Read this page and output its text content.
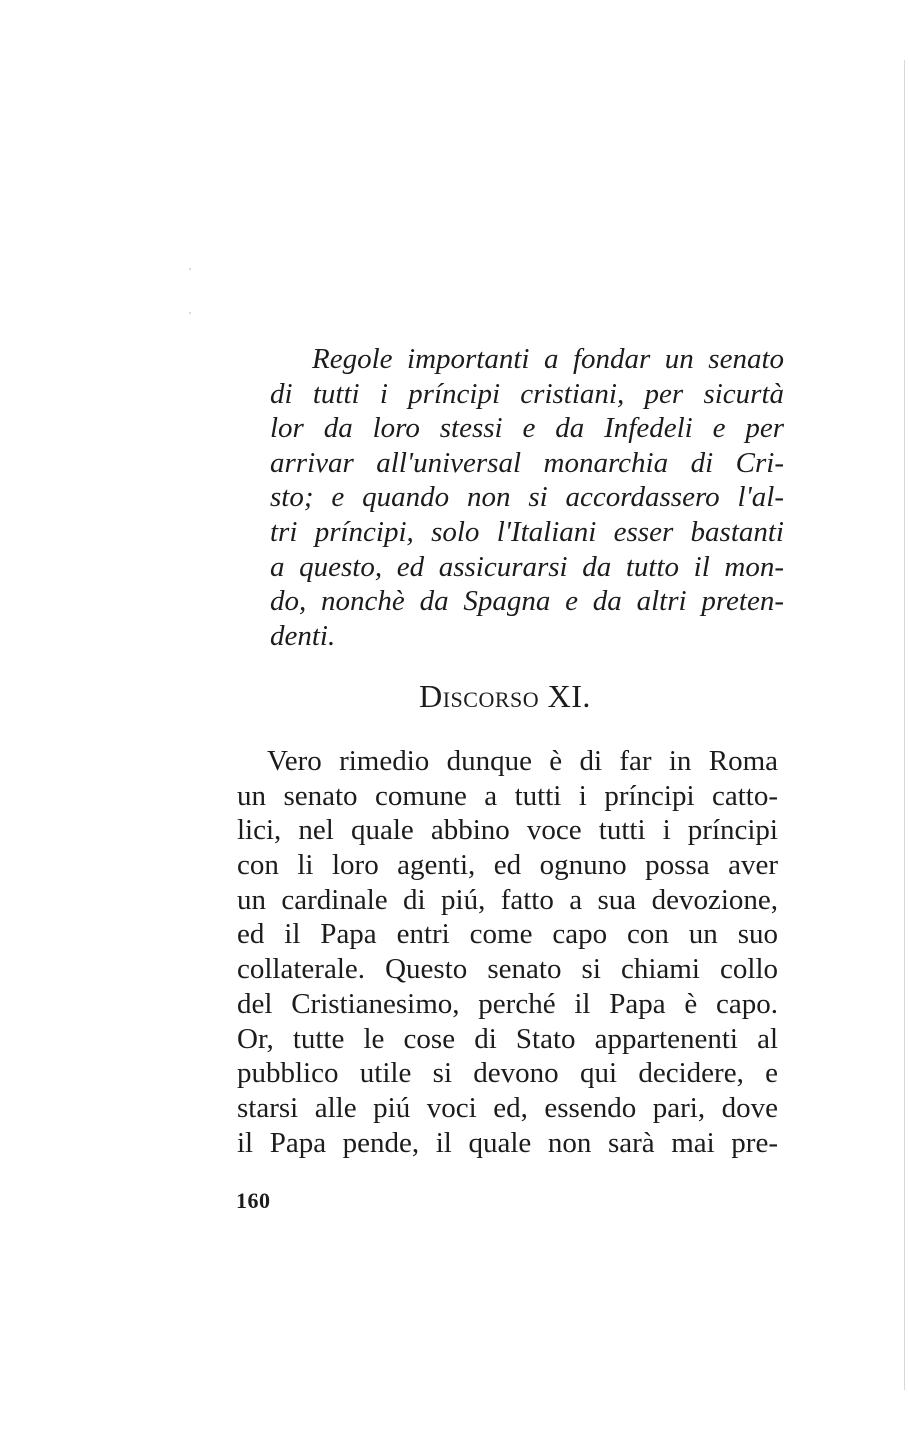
Regole importanti a fondar un senato
di tutti i príncipi cristiani, per sicurtà
lor da loro stessi e da Infedeli e per
arrivar all'universal monarchia di Cri-
sto; e quando non si accordassero l'al-
tri príncipi, solo l'Italiani esser bastanti
a questo, ed assicurarsi da tutto il mon-
do, nonchè da Spagna e da altri preten-
denti.
Discorso XI.
Vero rimedio dunque è di far in Roma
un senato comune a tutti i príncipi catto-
lici, nel quale abbino voce tutti i príncipi
con li loro agenti, ed ognuno possa aver
un cardinale di piú, fatto a sua devozione,
ed il Papa entri come capo con un suo
collaterale. Questo senato si chiami collo
del Cristianesimo, perché il Papa è capo.
Or, tutte le cose di Stato appartenenti al
pubblico utile si devono qui decidere, e
starsi alle piú voci ed, essendo pari, dove
il Papa pende, il quale non sarà mai pre-
160
